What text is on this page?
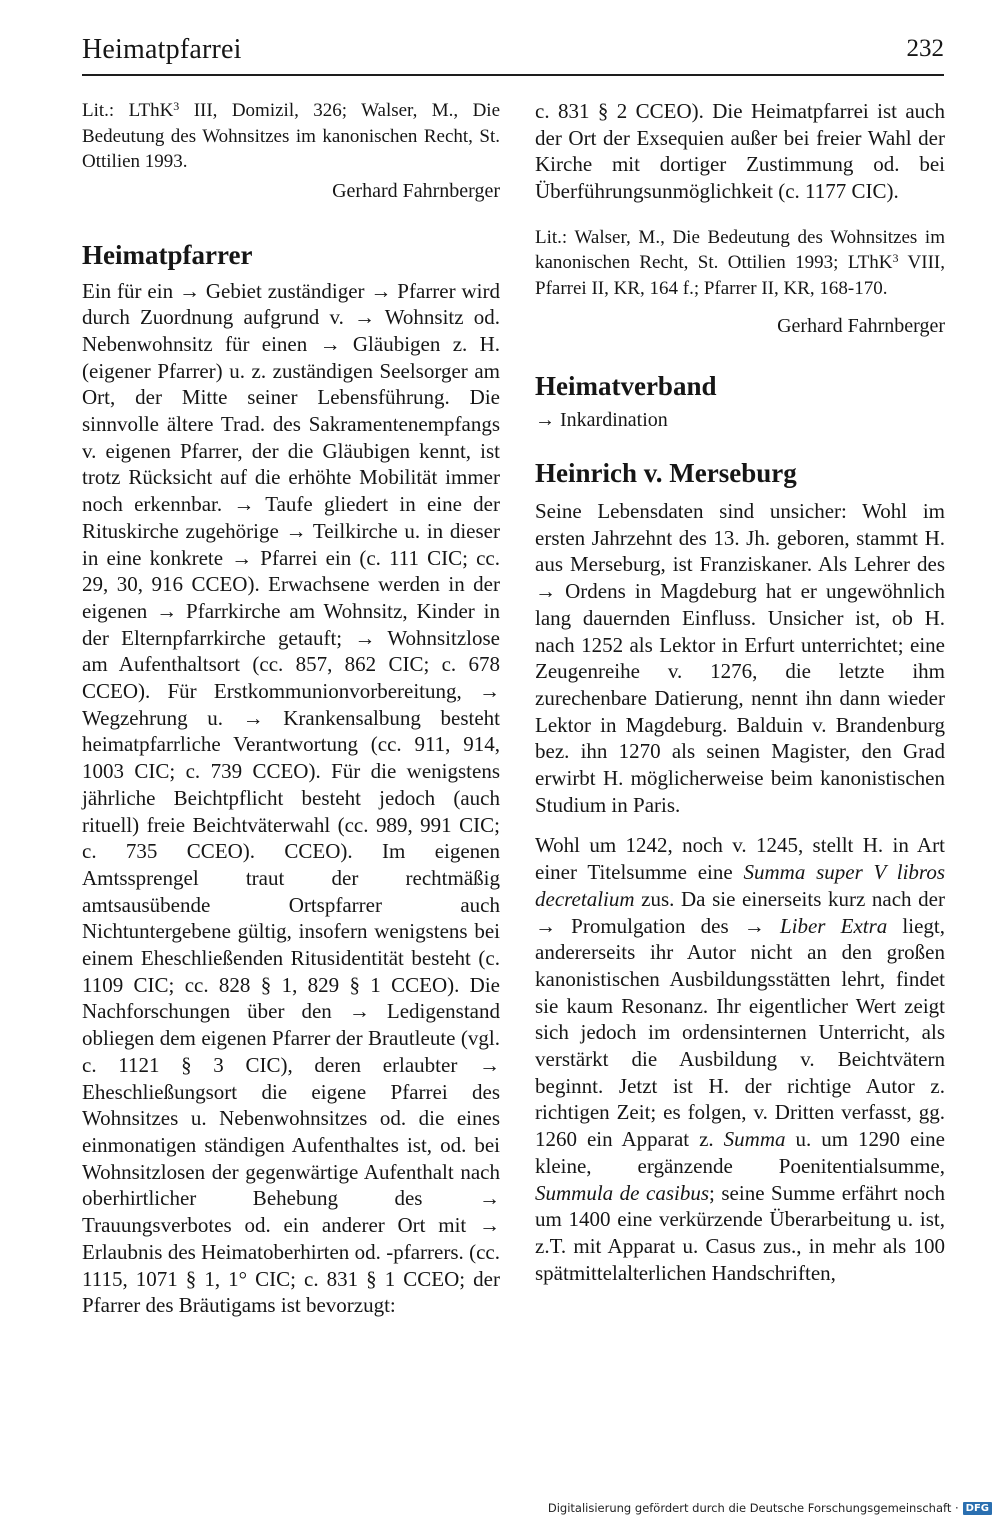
Heimatpfarrei	232

Lit.: LThK$^3$ III, Domizil, 326; Walser, M., Die Bedeutung des Wohnsitzes im kanonischen Recht, St. Ottilien 1993.

Gerhard Fahrnberger

Heimatpfarrer

Ein für ein → Gebiet zuständiger → Pfarrer wird durch Zuordnung aufgrund v. → Wohnsitz od. Nebenwohnsitz für einen → Gläubigen z. H. (eigener Pfarrer) u. z. zuständigen Seelsorger am Ort, der Mitte seiner Lebensführung. Die sinnvolle ältere Trad. des Sakramentenempfangs v. eigenen Pfarrer, der die Gläubigen kennt, ist trotz Rücksicht auf die erhöhte Mobilität immer noch erkennbar. → Taufe gliedert in eine der Rituskirche zugehörige → Teilkirche u. in dieser in eine konkrete → Pfarrei ein (c. 111 CIC; cc. 29, 30, 916 CCEO). Erwachsene werden in der eigenen → Pfarrkirche am Wohnsitz, Kinder in der Elternpfarrkirche getauft; → Wohnsitzlose am Aufenthaltsort (cc. 857, 862 CIC; c. 678 CCEO). Für Erstkommunionvorbereitung, → Wegzehrung u. → Krankensalbung besteht heimatpfarrliche Verantwortung (cc. 911, 914, 1003 CIC; c. 739 CCEO). Für die wenigstens jährliche Beichtpflicht besteht jedoch (auch rituell) freie Beichtväterwahl (cc. 989, 991 CIC; c. 735 CCEO). CCEO). Im eigenen Amtssprengel traut der rechtmäßig amtsausübende Ortspfarrer auch Nichtuntergebene gültig, insofern wenigstens bei einem Eheschließenden Ritusidentität besteht (c. 1109 CIC; cc. 828 § 1, 829 § 1 CCEO). Die Nachforschungen über den → Ledigenstand obliegen dem eigenen Pfarrer der Brautleute (vgl. c. 1121 § 3 CIC), deren erlaubter → Eheschließungsort die eigene Pfarrei des Wohnsitzes u. Nebenwohnsitzes od. die eines einmonatigen ständigen Aufenthaltes ist, od. bei Wohnsitzlosen der gegenwärtige Aufenthalt nach oberhirtlicher Behebung des → Trauungsverbotes od. ein anderer Ort mit → Erlaubnis des Heimatoberhirten od. -pfarrers. (cc. 1115, 1071 § 1, 1° CIC; c. 831 § 1 CCEO; der Pfarrer des Bräutigams ist bevorzugt:

c. 831 § 2 CCEO). Die Heimatpfarrei ist auch der Ort der Exsequien außer bei freier Wahl der Kirche mit dortiger Zustimmung od. bei Überführungsunmöglichkeit (c. 1177 CIC).

Lit.: Walser, M., Die Bedeutung des Wohnsitzes im kanonischen Recht, St. Ottilien 1993; LThK$^3$ VIII, Pfarrei II, KR, 164 f.; Pfarrer II, KR, 168-170.

Gerhard Fahrnberger

Heimatverband

→ Inkardination

Heinrich v. Merseburg

Seine Lebensdaten sind unsicher: Wohl im ersten Jahrzehnt des 13. Jh. geboren, stammt H. aus Merseburg, ist Franziskaner. Als Lehrer des → Ordens in Magdeburg hat er ungewöhnlich lang dauernden Einfluss. Unsicher ist, ob H. nach 1252 als Lektor in Erfurt unterrichtet; eine Zeugenreihe v. 1276, die letzte ihm zurechenbare Datierung, nennt ihn dann wieder Lektor in Magdeburg. Balduin v. Brandenburg bez. ihn 1270 als seinen Magister, den Grad erwirbt H. möglicherweise beim kanonistischen Studium in Paris.

Wohl um 1242, noch v. 1245, stellt H. in Art einer Titelsumme eine Summa super V libros decretalium zus. Da sie einerseits kurz nach der → Promulgation des → Liber Extra liegt, andererseits ihr Autor nicht an den großen kanonistischen Ausbildungsstätten lehrt, findet sie kaum Resonanz. Ihr eigentlicher Wert zeigt sich jedoch im ordensinternen Unterricht, als verstärkt die Ausbildung v. Beichtvätern beginnt. Jetzt ist H. der richtige Autor z. richtigen Zeit; es folgen, v. Dritten verfasst, gg. 1260 ein Apparat z. Summa u. um 1290 eine kleine, ergänzende Poenitentialsumme, Summula de casibus; seine Summe erfährt noch um 1400 eine verkürzende Überarbeitung u. ist, z.T. mit Apparat u. Casus zus., in mehr als 100 spätmittelalterlichen Handschriften,

Digitalisierung gefördert durch die Deutsche Forschungsgemeinschaft · DFG
